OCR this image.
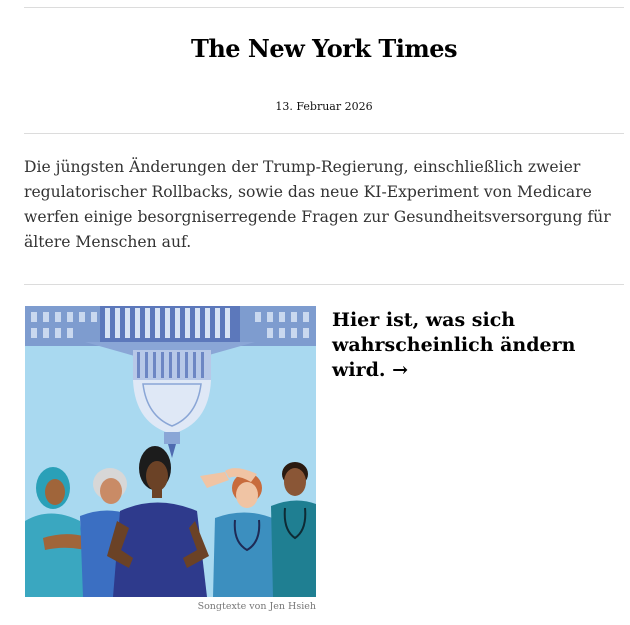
The New York Times
13. Februar 2026

Die jüngsten Änderungen der Trump-Regierung, einschließlich zweier regulatorischer Rollbacks, sowie das neue KI-Experiment von Medicare werfen einige besorgniserregende Fragen zur Gesundheitsversorgung für ältere Menschen auf.

Songtexte von Jen Hsieh
Hier ist, was sich wahrscheinlich ändern wird. →
